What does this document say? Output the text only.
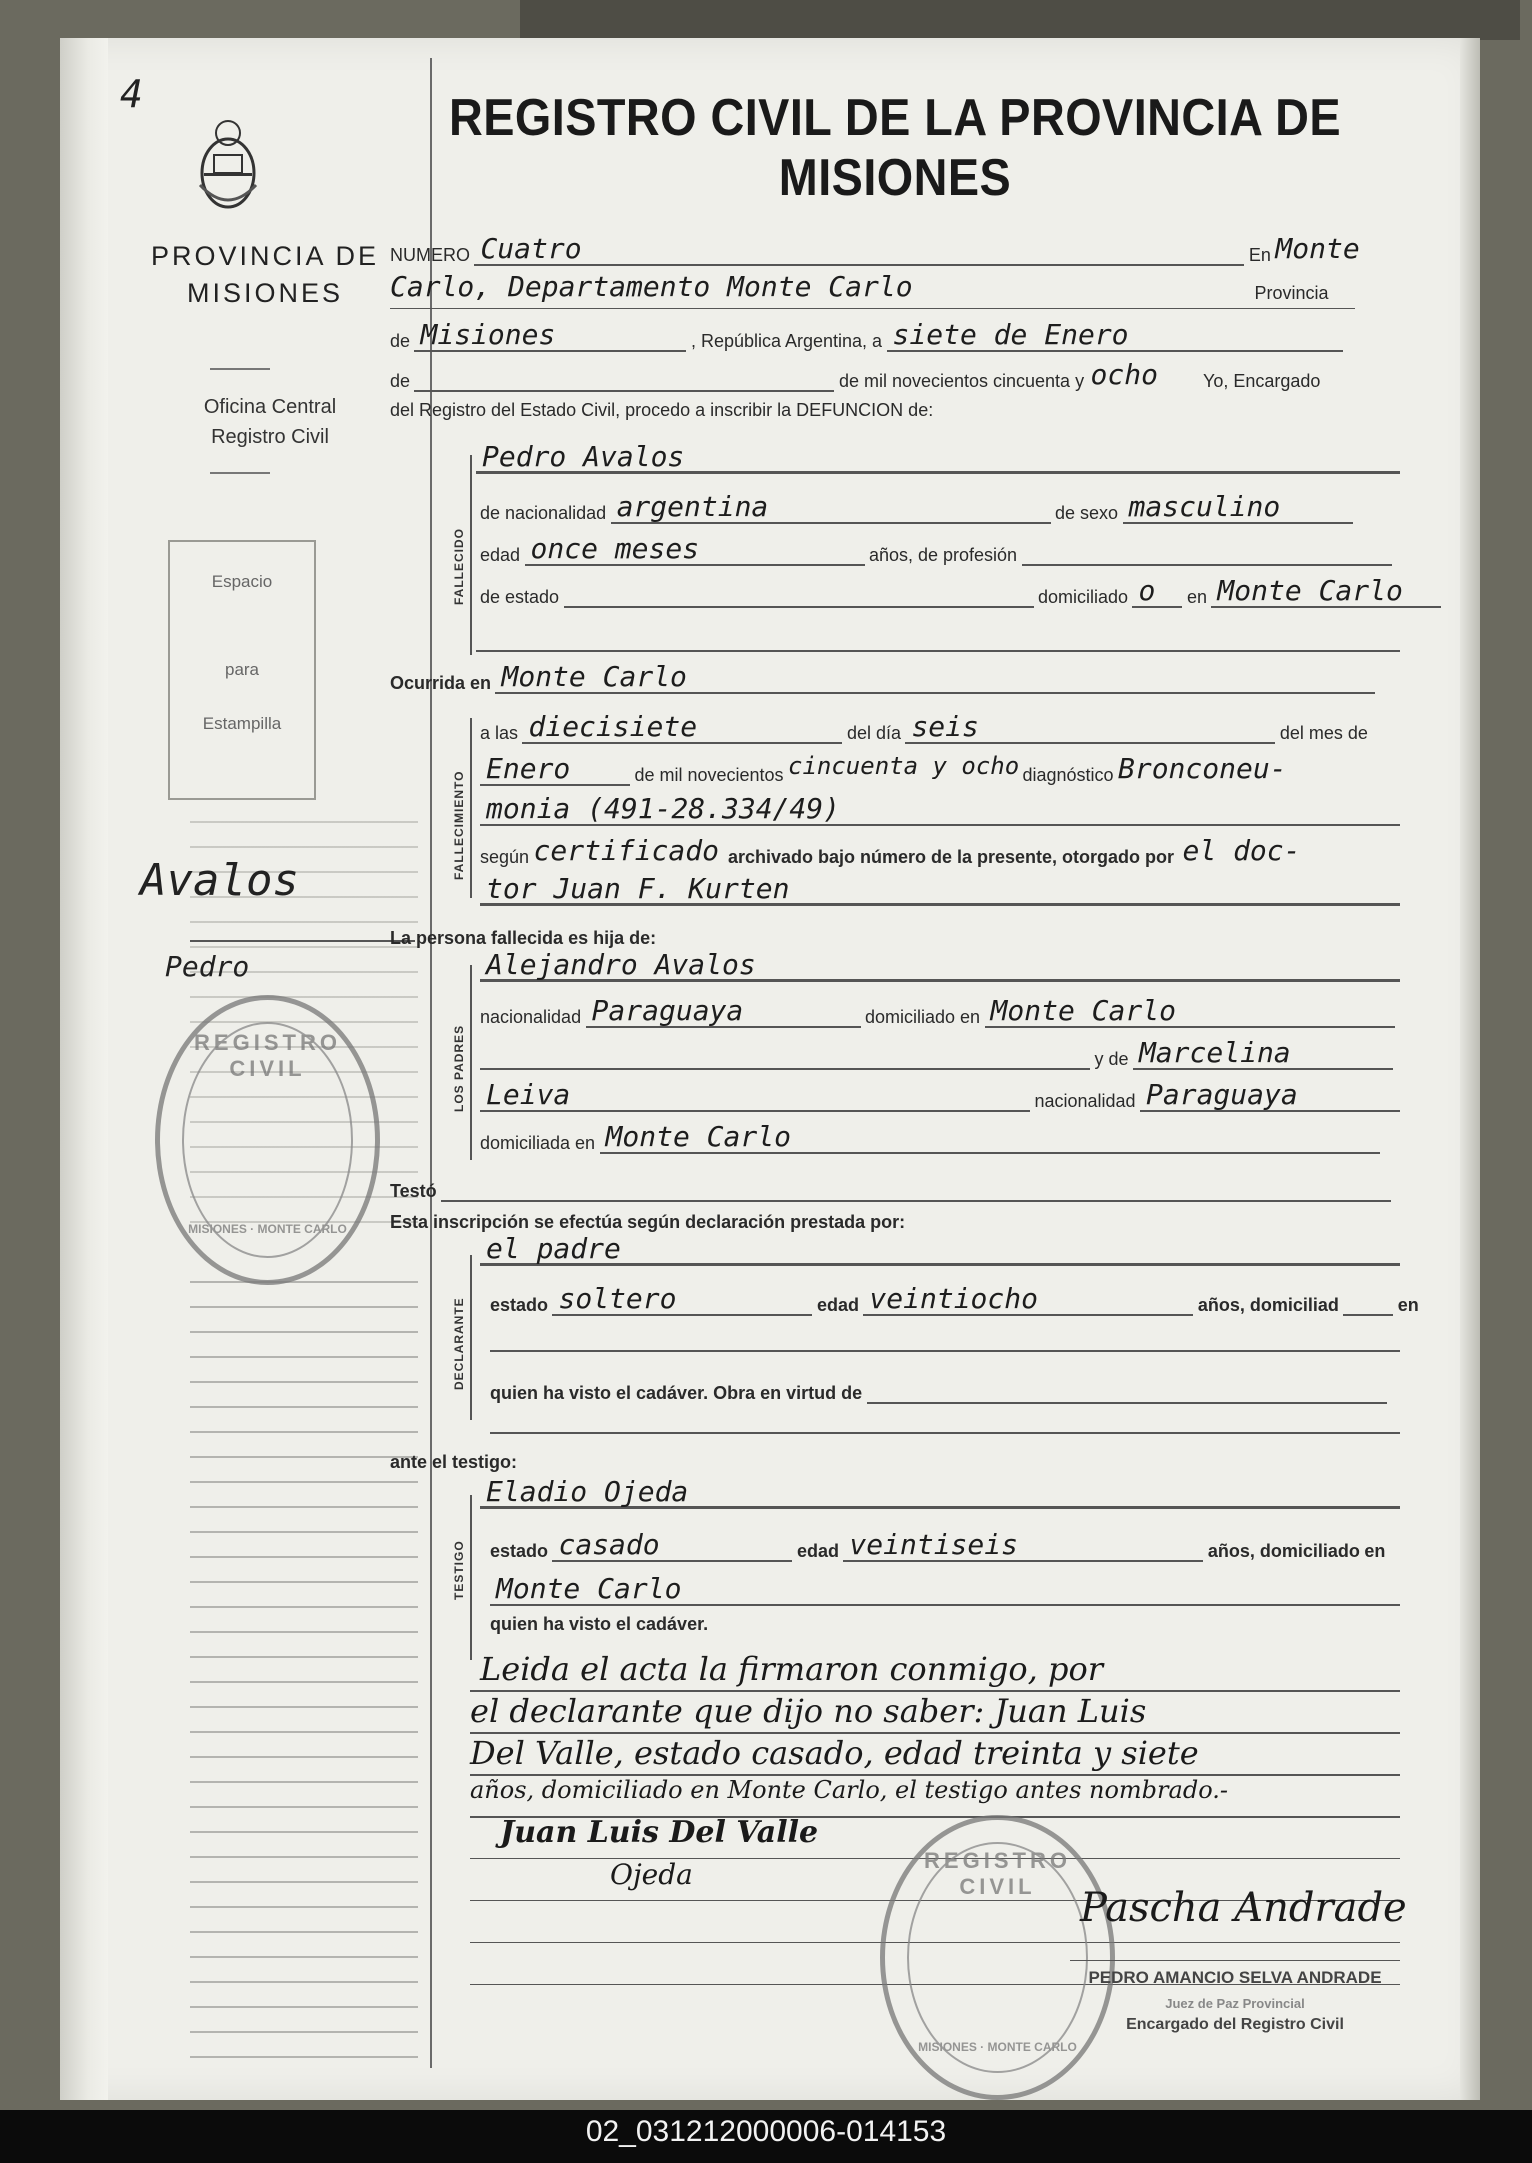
4
PROVINCIA DE
MISIONES
Oficina Central
Registro Civil
Espacio
para
Estampilla
Avalos
Pedro
REGISTRO CIVIL
MISIONES · MONTE CARLO
REGISTRO CIVIL DE LA PROVINCIA DE MISIONES
NUMERO Cuatro	En Monte
Carlo, Departamento Monte Carlo	Provincia
de Misiones	, República Argentina, a siete de Enero
de	de mil novecientos cincuenta y ocho	Yo, Encargado
del Registro del Estado Civil, procedo a inscribir la DEFUNCION de:
FALLECIDO
Pedro Avalos
de nacionalidad argentina	de sexo masculino
edad once meses	años, de profesión
de estado	domiciliado o en Monte Carlo
Ocurrida en Monte Carlo
FALLECIMIENTO
a las diecisiete	del día seis	del mes de
Enero	de mil novecientos cincuenta y ocho diagnóstico Bronconeu-
monia (491-28.334/49)
según certificado archivado bajo número de la presente, otorgado por el doc-
tor Juan F. Kurten
La persona fallecida es hija de:
LOS PADRES
Alejandro Avalos
nacionalidad Paraguaya	domiciliado en Monte Carlo
y de Marcelina
Leiva	nacionalidad Paraguaya
domiciliada en Monte Carlo
Testó
Esta inscripción se efectúa según declaración prestada por:
DECLARANTE
el padre
estado soltero	edad veintiocho	años, domiciliad	en
quien ha visto el cadáver. Obra en virtud de
ante el testigo:
TESTIGO
Eladio Ojeda
estado casado	edad veintiseis	años, domiciliado en
Monte Carlo
quien ha visto el cadáver.
Leida el acta la firmaron conmigo, por
el declarante que dijo no saber: Juan Luis
Del Valle, estado casado, edad treinta y siete
años, domiciliado en Monte Carlo, el testigo antes nombrado.-
Juan Luis Del Valle
Ojeda	REGISTRO CIVIL
MISIONES · MONTE CARLO
Pascha Andrade
PEDRO AMANCIO SELVA ANDRADE
Juez de Paz Provincial
Encargado del Registro Civil
02_031212000006-014153
